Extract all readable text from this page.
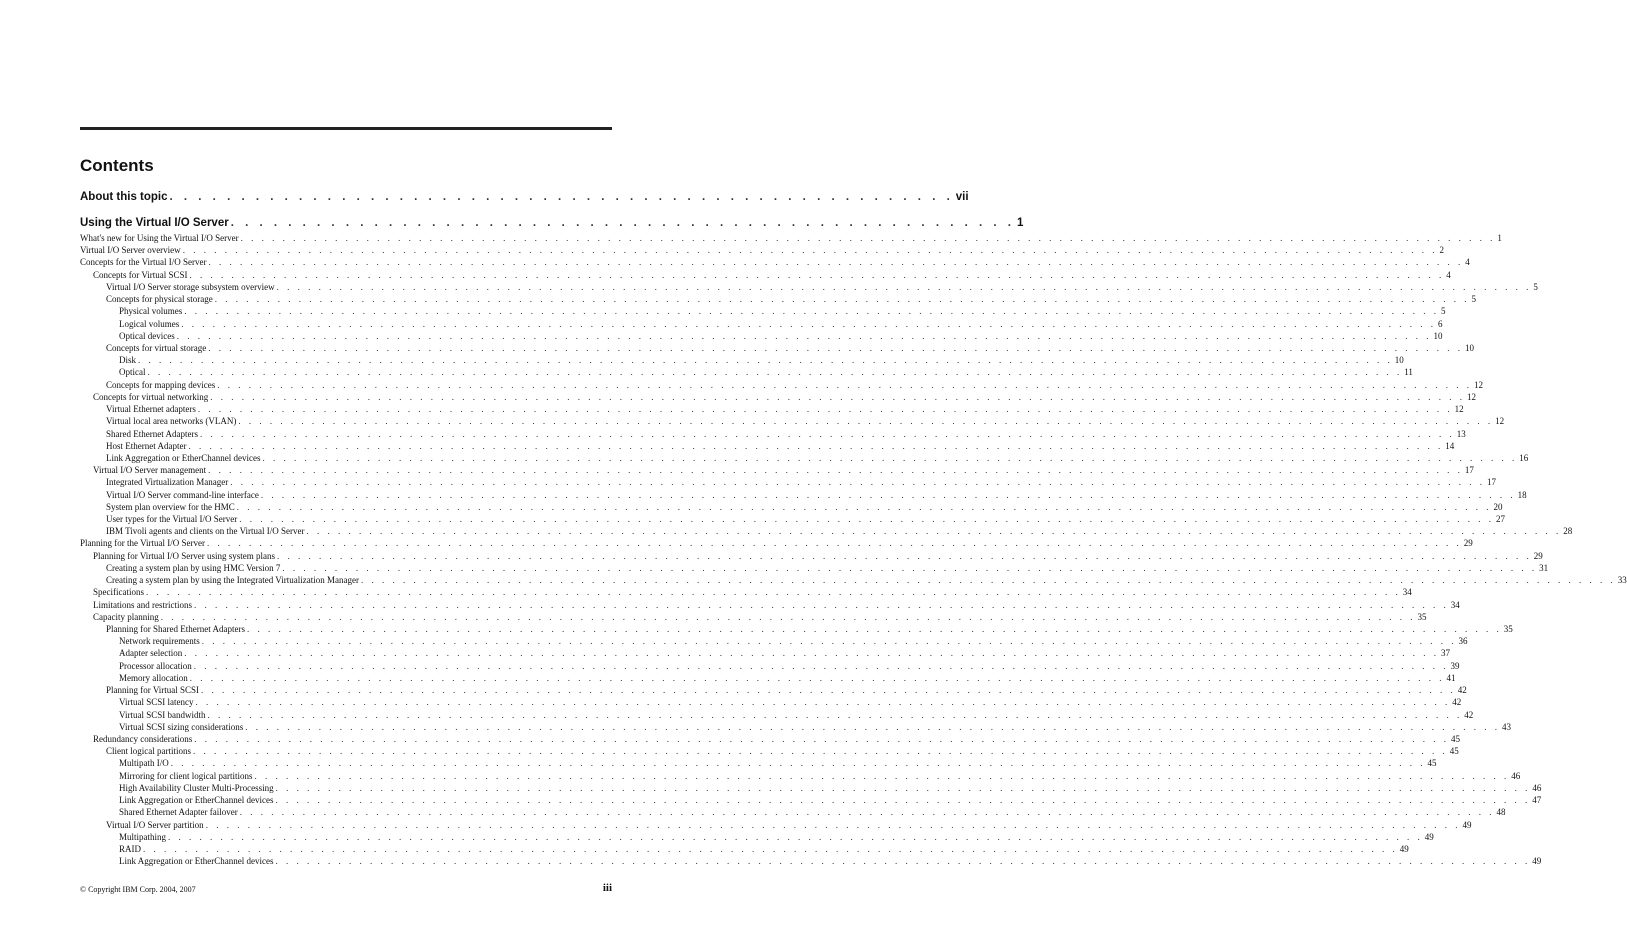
Contents
About this topic . . . . . . . . . . . . . . . . . . . . . . . . . . . . . . . . . . . . . . . . . . . . . . . . . . . . . . . vii
Using the Virtual I/O Server . . . . . . . . . . . . . . . . . . . . . . . . . . . . . . . . . . . . . . . . . . . . . . . . . . . . . . . 1
What's new for Using the Virtual I/O Server . . . . . . . . . . . . . . . . . . . . . . . . . . . . . . . . . . . . . . . . . . . . . . . . . . . . . . . . . . . . . . . . . . . . . . . . . . . . . . . . . . . . . . . . . . . . . . . . . . . . . . . . . . . . . . . . . . . . . . . . 1
Virtual I/O Server overview . . . . . . . . . . . . . . . . . . . . . . . . . . . . . . . . . . . . . . . . . . . . . . . . . . . . . . . . . . . . . . . . . . . . . . . . . . . . . . . . . . . . . . . . . . . . . . . . . . . . . . . . . . . . . . . . . . . . . . . . 2
Concepts for the Virtual I/O Server . . . . . . . . . . . . . . . . . . . . . . . . . . . . . . . . . . . . . . . . . . . . . . . . . . . . . . . . . . . . . . . . . . . . . . . . . . . . . . . . . . . . . . . . . . . . . . . . . . . . . . . . . . . . . . . . . . . . . . . . 4
Concepts for Virtual SCSI . . . . . . . . . . . . . . . . . . . . . . . . . . . . . . . . . . . . . . . . . . . . . . . . . . . . . . . . . . . . . . . . . . . . . . . . . . . . . . . . . . . . . . . . . . . . . . . . . . . . . . . . . . . . . . . . . . . . . . . . 4
Virtual I/O Server storage subsystem overview . . . . . . . . . . . . . . . . . . . . . . . . . . . . . . . . . . . . . . . . . . . . . . . . . . . . . . . . . . . . . . . . . . . . . . . . . . . . . . . . . . . . . . . . . . . . . . . . . . . . . . . . . . . . . . . . . . . . . . . . 5
Concepts for physical storage . . . . . . . . . . . . . . . . . . . . . . . . . . . . . . . . . . . . . . . . . . . . . . . . . . . . . . . . . . . . . . . . . . . . . . . . . . . . . . . . . . . . . . . . . . . . . . . . . . . . . . . . . . . . . . . . . . . . . . . . 5
Physical volumes . . . . . . . . . . . . . . . . . . . . . . . . . . . . . . . . . . . . . . . . . . . . . . . . . . . . . . . . . . . . . . . . . . . . . . . . . . . . . . . . . . . . . . . . . . . . . . . . . . . . . . . . . . . . . . . . . . . . . . . . 5
Logical volumes . . . . . . . . . . . . . . . . . . . . . . . . . . . . . . . . . . . . . . . . . . . . . . . . . . . . . . . . . . . . . . . . . . . . . . . . . . . . . . . . . . . . . . . . . . . . . . . . . . . . . . . . . . . . . . . . . . . . . . . . 6
Optical devices . . . . . . . . . . . . . . . . . . . . . . . . . . . . . . . . . . . . . . . . . . . . . . . . . . . . . . . . . . . . . . . . . . . . . . . . . . . . . . . . . . . . . . . . . . . . . . . . . . . . . . . . . . . . . . . . . . . . . . . . 10
Concepts for virtual storage . . . . . . . . . . . . . . . . . . . . . . . . . . . . . . . . . . . . . . . . . . . . . . . . . . . . . . . . . . . . . . . . . . . . . . . . . . . . . . . . . . . . . . . . . . . . . . . . . . . . . . . . . . . . . . . . . . . . . . . . 10
Disk . . . . . . . . . . . . . . . . . . . . . . . . . . . . . . . . . . . . . . . . . . . . . . . . . . . . . . . . . . . . . . . . . . . . . . . . . . . . . . . . . . . . . . . . . . . . . . . . . . . . . . . . . . . . . . . . . . . . . . . . 10
Optical . . . . . . . . . . . . . . . . . . . . . . . . . . . . . . . . . . . . . . . . . . . . . . . . . . . . . . . . . . . . . . . . . . . . . . . . . . . . . . . . . . . . . . . . . . . . . . . . . . . . . . . . . . . . . . . . . . . . . . . . 11
Concepts for mapping devices . . . . . . . . . . . . . . . . . . . . . . . . . . . . . . . . . . . . . . . . . . . . . . . . . . . . . . . . . . . . . . . . . . . . . . . . . . . . . . . . . . . . . . . . . . . . . . . . . . . . . . . . . . . . . . . . . . . . . . . . 12
Concepts for virtual networking . . . . . . . . . . . . . . . . . . . . . . . . . . . . . . . . . . . . . . . . . . . . . . . . . . . . . . . . . . . . . . . . . . . . . . . . . . . . . . . . . . . . . . . . . . . . . . . . . . . . . . . . . . . . . . . . . . . . . . . . 12
Virtual Ethernet adapters . . . . . . . . . . . . . . . . . . . . . . . . . . . . . . . . . . . . . . . . . . . . . . . . . . . . . . . . . . . . . . . . . . . . . . . . . . . . . . . . . . . . . . . . . . . . . . . . . . . . . . . . . . . . . . . . . . . . . . . . 12
Virtual local area networks (VLAN) . . . . . . . . . . . . . . . . . . . . . . . . . . . . . . . . . . . . . . . . . . . . . . . . . . . . . . . . . . . . . . . . . . . . . . . . . . . . . . . . . . . . . . . . . . . . . . . . . . . . . . . . . . . . . . . . . . . . . . . . 12
Shared Ethernet Adapters . . . . . . . . . . . . . . . . . . . . . . . . . . . . . . . . . . . . . . . . . . . . . . . . . . . . . . . . . . . . . . . . . . . . . . . . . . . . . . . . . . . . . . . . . . . . . . . . . . . . . . . . . . . . . . . . . . . . . . . . 13
Host Ethernet Adapter . . . . . . . . . . . . . . . . . . . . . . . . . . . . . . . . . . . . . . . . . . . . . . . . . . . . . . . . . . . . . . . . . . . . . . . . . . . . . . . . . . . . . . . . . . . . . . . . . . . . . . . . . . . . . . . . . . . . . . . . 14
Link Aggregation or EtherChannel devices . . . . . . . . . . . . . . . . . . . . . . . . . . . . . . . . . . . . . . . . . . . . . . . . . . . . . . . . . . . . . . . . . . . . . . . . . . . . . . . . . . . . . . . . . . . . . . . . . . . . . . . . . . . . . . . . . . . . . . . . 16
Virtual I/O Server management . . . . . . . . . . . . . . . . . . . . . . . . . . . . . . . . . . . . . . . . . . . . . . . . . . . . . . . . . . . . . . . . . . . . . . . . . . . . . . . . . . . . . . . . . . . . . . . . . . . . . . . . . . . . . . . . . . . . . . . . 17
Integrated Virtualization Manager . . . . . . . . . . . . . . . . . . . . . . . . . . . . . . . . . . . . . . . . . . . . . . . . . . . . . . . . . . . . . . . . . . . . . . . . . . . . . . . . . . . . . . . . . . . . . . . . . . . . . . . . . . . . . . . . . . . . . . . . 17
Virtual I/O Server command-line interface . . . . . . . . . . . . . . . . . . . . . . . . . . . . . . . . . . . . . . . . . . . . . . . . . . . . . . . . . . . . . . . . . . . . . . . . . . . . . . . . . . . . . . . . . . . . . . . . . . . . . . . . . . . . . . . . . . . . . . . . 18
System plan overview for the HMC . . . . . . . . . . . . . . . . . . . . . . . . . . . . . . . . . . . . . . . . . . . . . . . . . . . . . . . . . . . . . . . . . . . . . . . . . . . . . . . . . . . . . . . . . . . . . . . . . . . . . . . . . . . . . . . . . . . . . . . . 20
User types for the Virtual I/O Server . . . . . . . . . . . . . . . . . . . . . . . . . . . . . . . . . . . . . . . . . . . . . . . . . . . . . . . . . . . . . . . . . . . . . . . . . . . . . . . . . . . . . . . . . . . . . . . . . . . . . . . . . . . . . . . . . . . . . . . . 27
IBM Tivoli agents and clients on the Virtual I/O Server . . . . . . . . . . . . . . . . . . . . . . . . . . . . . . . . . . . . . . . . . . . . . . . . . . . . . . . . . . . . . . . . . . . . . . . . . . . . . . . . . . . . . . . . . . . . . . . . . . . . . . . . . . . . . . . . . . . . . . . . 28
Planning for the Virtual I/O Server . . . . . . . . . . . . . . . . . . . . . . . . . . . . . . . . . . . . . . . . . . . . . . . . . . . . . . . . . . . . . . . . . . . . . . . . . . . . . . . . . . . . . . . . . . . . . . . . . . . . . . . . . . . . . . . . . . . . . . . . 29
Planning for Virtual I/O Server using system plans . . . . . . . . . . . . . . . . . . . . . . . . . . . . . . . . . . . . . . . . . . . . . . . . . . . . . . . . . . . . . . . . . . . . . . . . . . . . . . . . . . . . . . . . . . . . . . . . . . . . . . . . . . . . . . . . . . . . . . . . 29
Creating a system plan by using HMC Version 7 . . . . . . . . . . . . . . . . . . . . . . . . . . . . . . . . . . . . . . . . . . . . . . . . . . . . . . . . . . . . . . . . . . . . . . . . . . . . . . . . . . . . . . . . . . . . . . . . . . . . . . . . . . . . . . . . . . . . . . . . 31
Creating a system plan by using the Integrated Virtualization Manager . . . . . . . . . . . . . . . . . . . . . . . . . . . . . . . . . . . . . . . . . . . . . . . . . . . . . . . . . . . . . . . . . . . . . . . . . . . . . . . . . . . . . . . . . . . . . . . . . . . . . . . . . . . . . . . . . . . . . . . . 33
Specifications . . . . . . . . . . . . . . . . . . . . . . . . . . . . . . . . . . . . . . . . . . . . . . . . . . . . . . . . . . . . . . . . . . . . . . . . . . . . . . . . . . . . . . . . . . . . . . . . . . . . . . . . . . . . . . . . . . . . . . . . 34
Limitations and restrictions . . . . . . . . . . . . . . . . . . . . . . . . . . . . . . . . . . . . . . . . . . . . . . . . . . . . . . . . . . . . . . . . . . . . . . . . . . . . . . . . . . . . . . . . . . . . . . . . . . . . . . . . . . . . . . . . . . . . . . . . 34
Capacity planning . . . . . . . . . . . . . . . . . . . . . . . . . . . . . . . . . . . . . . . . . . . . . . . . . . . . . . . . . . . . . . . . . . . . . . . . . . . . . . . . . . . . . . . . . . . . . . . . . . . . . . . . . . . . . . . . . . . . . . . . 35
Planning for Shared Ethernet Adapters . . . . . . . . . . . . . . . . . . . . . . . . . . . . . . . . . . . . . . . . . . . . . . . . . . . . . . . . . . . . . . . . . . . . . . . . . . . . . . . . . . . . . . . . . . . . . . . . . . . . . . . . . . . . . . . . . . . . . . . . 35
Network requirements . . . . . . . . . . . . . . . . . . . . . . . . . . . . . . . . . . . . . . . . . . . . . . . . . . . . . . . . . . . . . . . . . . . . . . . . . . . . . . . . . . . . . . . . . . . . . . . . . . . . . . . . . . . . . . . . . . . . . . . . 36
Adapter selection . . . . . . . . . . . . . . . . . . . . . . . . . . . . . . . . . . . . . . . . . . . . . . . . . . . . . . . . . . . . . . . . . . . . . . . . . . . . . . . . . . . . . . . . . . . . . . . . . . . . . . . . . . . . . . . . . . . . . . . . 37
Processor allocation . . . . . . . . . . . . . . . . . . . . . . . . . . . . . . . . . . . . . . . . . . . . . . . . . . . . . . . . . . . . . . . . . . . . . . . . . . . . . . . . . . . . . . . . . . . . . . . . . . . . . . . . . . . . . . . . . . . . . . . . 39
Memory allocation . . . . . . . . . . . . . . . . . . . . . . . . . . . . . . . . . . . . . . . . . . . . . . . . . . . . . . . . . . . . . . . . . . . . . . . . . . . . . . . . . . . . . . . . . . . . . . . . . . . . . . . . . . . . . . . . . . . . . . . . 41
Planning for Virtual SCSI . . . . . . . . . . . . . . . . . . . . . . . . . . . . . . . . . . . . . . . . . . . . . . . . . . . . . . . . . . . . . . . . . . . . . . . . . . . . . . . . . . . . . . . . . . . . . . . . . . . . . . . . . . . . . . . . . . . . . . . . 42
Virtual SCSI latency . . . . . . . . . . . . . . . . . . . . . . . . . . . . . . . . . . . . . . . . . . . . . . . . . . . . . . . . . . . . . . . . . . . . . . . . . . . . . . . . . . . . . . . . . . . . . . . . . . . . . . . . . . . . . . . . . . . . . . . . 42
Virtual SCSI bandwidth . . . . . . . . . . . . . . . . . . . . . . . . . . . . . . . . . . . . . . . . . . . . . . . . . . . . . . . . . . . . . . . . . . . . . . . . . . . . . . . . . . . . . . . . . . . . . . . . . . . . . . . . . . . . . . . . . . . . . . . . 42
Virtual SCSI sizing considerations . . . . . . . . . . . . . . . . . . . . . . . . . . . . . . . . . . . . . . . . . . . . . . . . . . . . . . . . . . . . . . . . . . . . . . . . . . . . . . . . . . . . . . . . . . . . . . . . . . . . . . . . . . . . . . . . . . . . . . . . 43
Redundancy considerations . . . . . . . . . . . . . . . . . . . . . . . . . . . . . . . . . . . . . . . . . . . . . . . . . . . . . . . . . . . . . . . . . . . . . . . . . . . . . . . . . . . . . . . . . . . . . . . . . . . . . . . . . . . . . . . . . . . . . . . . 45
Client logical partitions . . . . . . . . . . . . . . . . . . . . . . . . . . . . . . . . . . . . . . . . . . . . . . . . . . . . . . . . . . . . . . . . . . . . . . . . . . . . . . . . . . . . . . . . . . . . . . . . . . . . . . . . . . . . . . . . . . . . . . . . 45
Multipath I/O . . . . . . . . . . . . . . . . . . . . . . . . . . . . . . . . . . . . . . . . . . . . . . . . . . . . . . . . . . . . . . . . . . . . . . . . . . . . . . . . . . . . . . . . . . . . . . . . . . . . . . . . . . . . . . . . . . . . . . . . 45
Mirroring for client logical partitions . . . . . . . . . . . . . . . . . . . . . . . . . . . . . . . . . . . . . . . . . . . . . . . . . . . . . . . . . . . . . . . . . . . . . . . . . . . . . . . . . . . . . . . . . . . . . . . . . . . . . . . . . . . . . . . . . . . . . . . . 46
High Availability Cluster Multi-Processing . . . . . . . . . . . . . . . . . . . . . . . . . . . . . . . . . . . . . . . . . . . . . . . . . . . . . . . . . . . . . . . . . . . . . . . . . . . . . . . . . . . . . . . . . . . . . . . . . . . . . . . . . . . . . . . . . . . . . . . . 46
Link Aggregation or EtherChannel devices . . . . . . . . . . . . . . . . . . . . . . . . . . . . . . . . . . . . . . . . . . . . . . . . . . . . . . . . . . . . . . . . . . . . . . . . . . . . . . . . . . . . . . . . . . . . . . . . . . . . . . . . . . . . . . . . . . . . . . . . 47
Shared Ethernet Adapter failover . . . . . . . . . . . . . . . . . . . . . . . . . . . . . . . . . . . . . . . . . . . . . . . . . . . . . . . . . . . . . . . . . . . . . . . . . . . . . . . . . . . . . . . . . . . . . . . . . . . . . . . . . . . . . . . . . . . . . . . . 48
Virtual I/O Server partition . . . . . . . . . . . . . . . . . . . . . . . . . . . . . . . . . . . . . . . . . . . . . . . . . . . . . . . . . . . . . . . . . . . . . . . . . . . . . . . . . . . . . . . . . . . . . . . . . . . . . . . . . . . . . . . . . . . . . . . . 49
Multipathing . . . . . . . . . . . . . . . . . . . . . . . . . . . . . . . . . . . . . . . . . . . . . . . . . . . . . . . . . . . . . . . . . . . . . . . . . . . . . . . . . . . . . . . . . . . . . . . . . . . . . . . . . . . . . . . . . . . . . . . . 49
RAID . . . . . . . . . . . . . . . . . . . . . . . . . . . . . . . . . . . . . . . . . . . . . . . . . . . . . . . . . . . . . . . . . . . . . . . . . . . . . . . . . . . . . . . . . . . . . . . . . . . . . . . . . . . . . . . . . . . . . . . . 49
Link Aggregation or EtherChannel devices . . . . . . . . . . . . . . . . . . . . . . . . . . . . . . . . . . . . . . . . . . . . . . . . . . . . . . . . . . . . . . . . . . . . . . . . . . . . . . . . . . . . . . . . . . . . . . . . . . . . . . . . . . . . . . . . . . . . . . . . 49
© Copyright IBM Corp. 2004, 2007	iii
